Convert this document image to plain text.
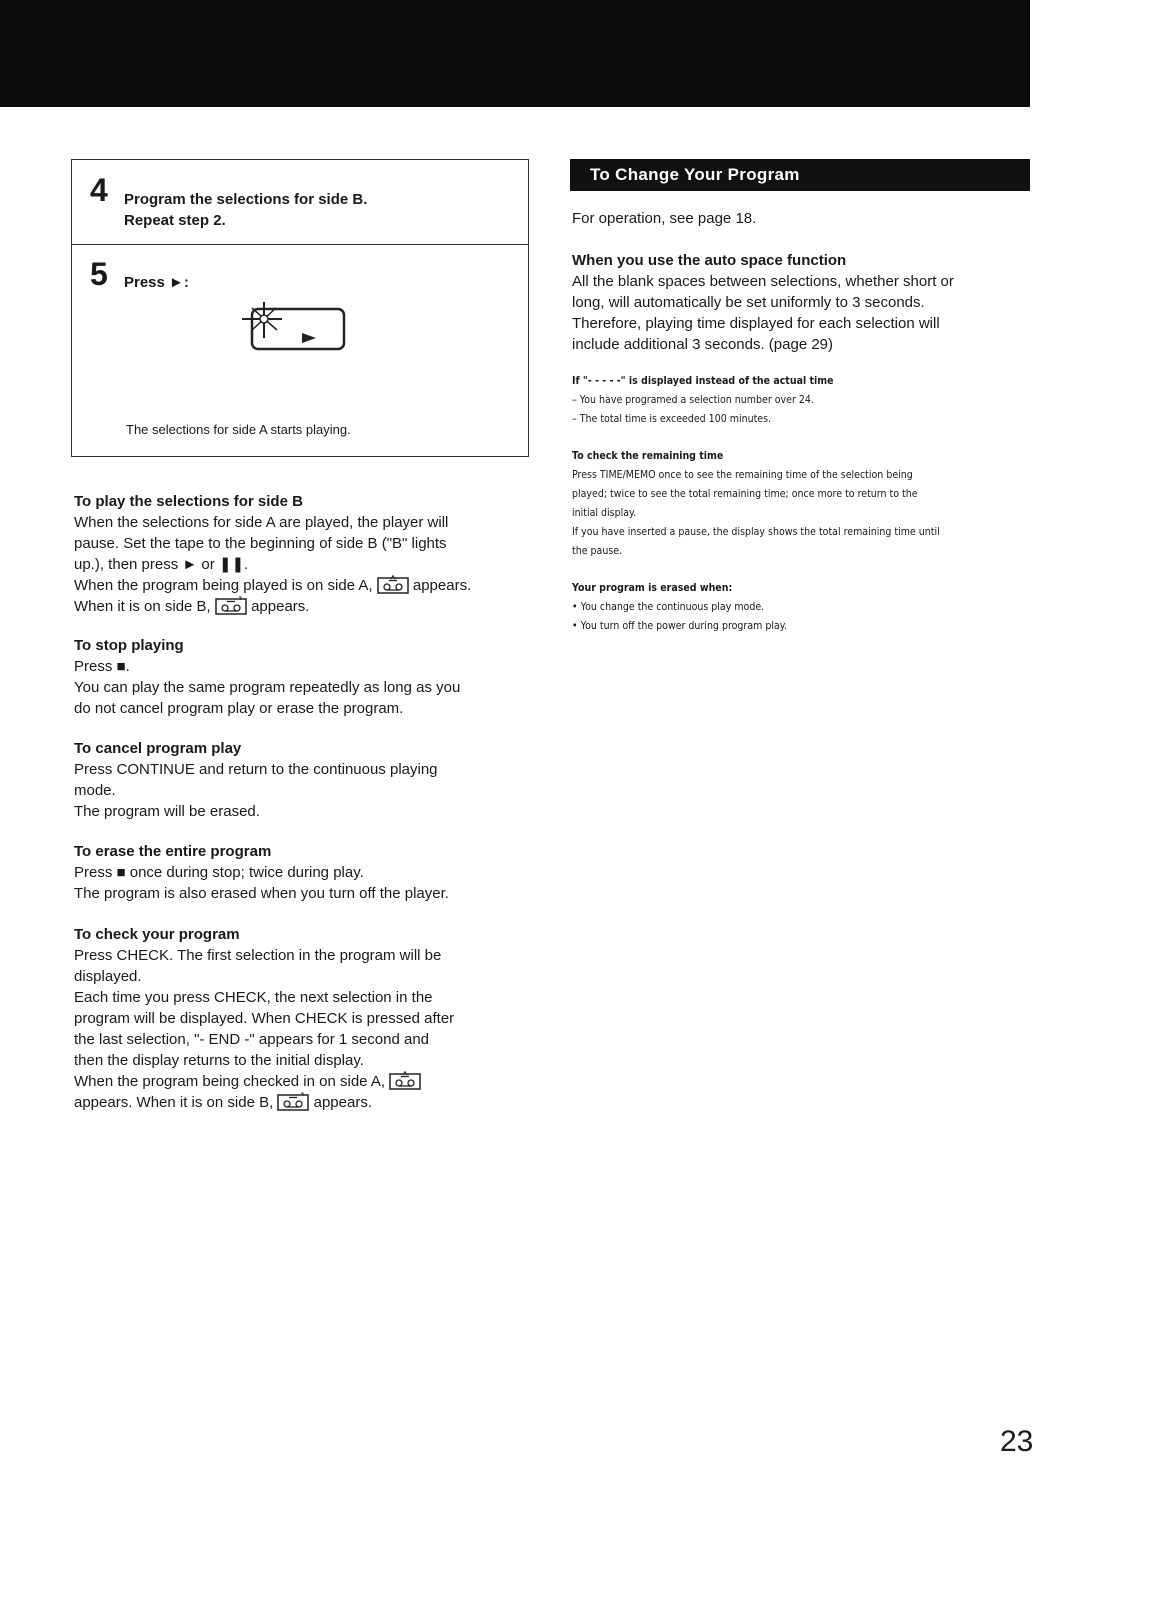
4 Program the selections for side B.
Repeat step 2.
5 Press ►:
The selections for side A starts playing.
To play the selections for side B

When the selections for side A are played, the player will

pause. Set the tape to the beginning of side B ("B" lights

up.), then press ► or ❚❚.

When the program being played is on side A,	appears.

When it is on side B,	appears.

To stop playing

Press ■.

You can play the same program repeatedly as long as you

do not cancel program play or erase the program.

To cancel program play

Press CONTINUE and return to the continuous playing

mode.

The program will be erased.

To erase the entire program

Press ■ once during stop; twice during play.

The program is also erased when you turn off the player.

To check your program

Press CHECK. The first selection in the program will be

displayed.

Each time you press CHECK, the next selection in the

program will be displayed. When CHECK is pressed after

the last selection, "- END -" appears for 1 second and

then the display returns to the initial display.

When the program being checked in on side A,

appears. When it is on side B,	appears.

To Change Your Program

For operation, see page 18.

When you use the auto space function

All the blank spaces between selections, whether short or

long, will automatically be set uniformly to 3 seconds.

Therefore, playing time displayed for each selection will

include additional 3 seconds. (page 29)

If "- - - - -" is displayed instead of the actual time

– You have programed a selection number over 24.

– The total time is exceeded 100 minutes.

To check the remaining time

Press TIME/MEMO once to see the remaining time of the selection being

played; twice to see the total remaining time; once more to return to the

initial display.

If you have inserted a pause, the display shows the total remaining time until

the pause.

Your program is erased when:

• You change the continuous play mode.

• You turn off the power during program play.

23
